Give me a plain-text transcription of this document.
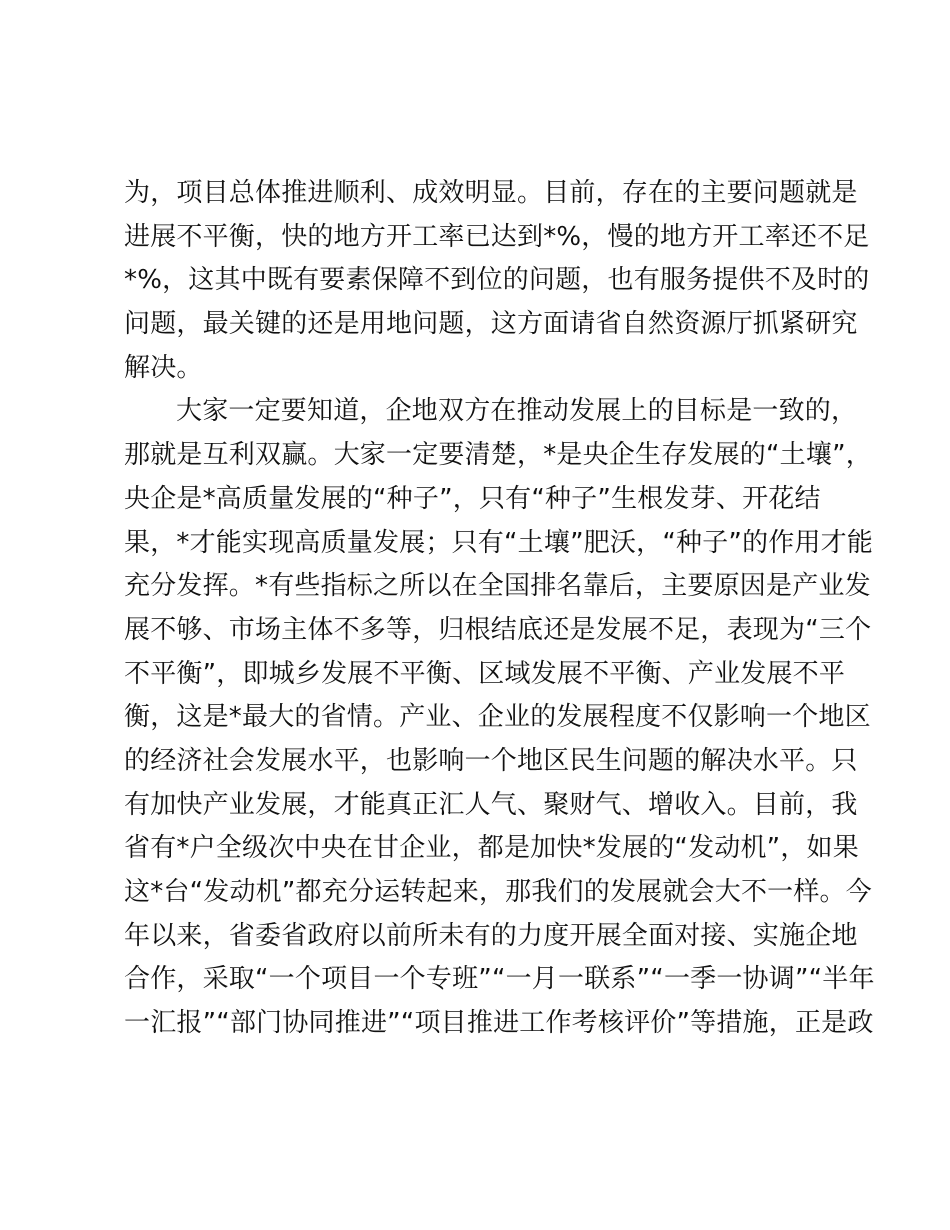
为，项目总体推进顺利、成效明显。目前，存在的主要问题就是
进展不平衡，快的地方开工率已达到*%，慢的地方开工率还不足
*%，这其中既有要素保障不到位的问题，也有服务提供不及时的
问题，最关键的还是用地问题，这方面请省自然资源厅抓紧研究
解决。
大家一定要知道，企地双方在推动发展上的目标是一致的，
那就是互利双赢。大家一定要清楚，*是央企生存发展的“土壤”，
央企是*高质量发展的“种子”，只有“种子”生根发芽、开花结
果，*才能实现高质量发展；只有“土壤”肥沃，“种子”的作用才能
充分发挥。*有些指标之所以在全国排名靠后，主要原因是产业发
展不够、市场主体不多等，归根结底还是发展不足，表现为“三个
不平衡”，即城乡发展不平衡、区域发展不平衡、产业发展不平
衡，这是*最大的省情。产业、企业的发展程度不仅影响一个地区
的经济社会发展水平，也影响一个地区民生问题的解决水平。只
有加快产业发展，才能真正汇人气、聚财气、增收入。目前，我
省有*户全级次中央在甘企业，都是加快*发展的“发动机”，如果
这*台“发动机”都充分运转起来，那我们的发展就会大不一样。今
年以来，省委省政府以前所未有的力度开展全面对接、实施企地
合作，采取“一个项目一个专班”“一月一联系”“一季一协调”“半年
一汇报”“部门协同推进”“项目推进工作考核评价”等措施，正是政
